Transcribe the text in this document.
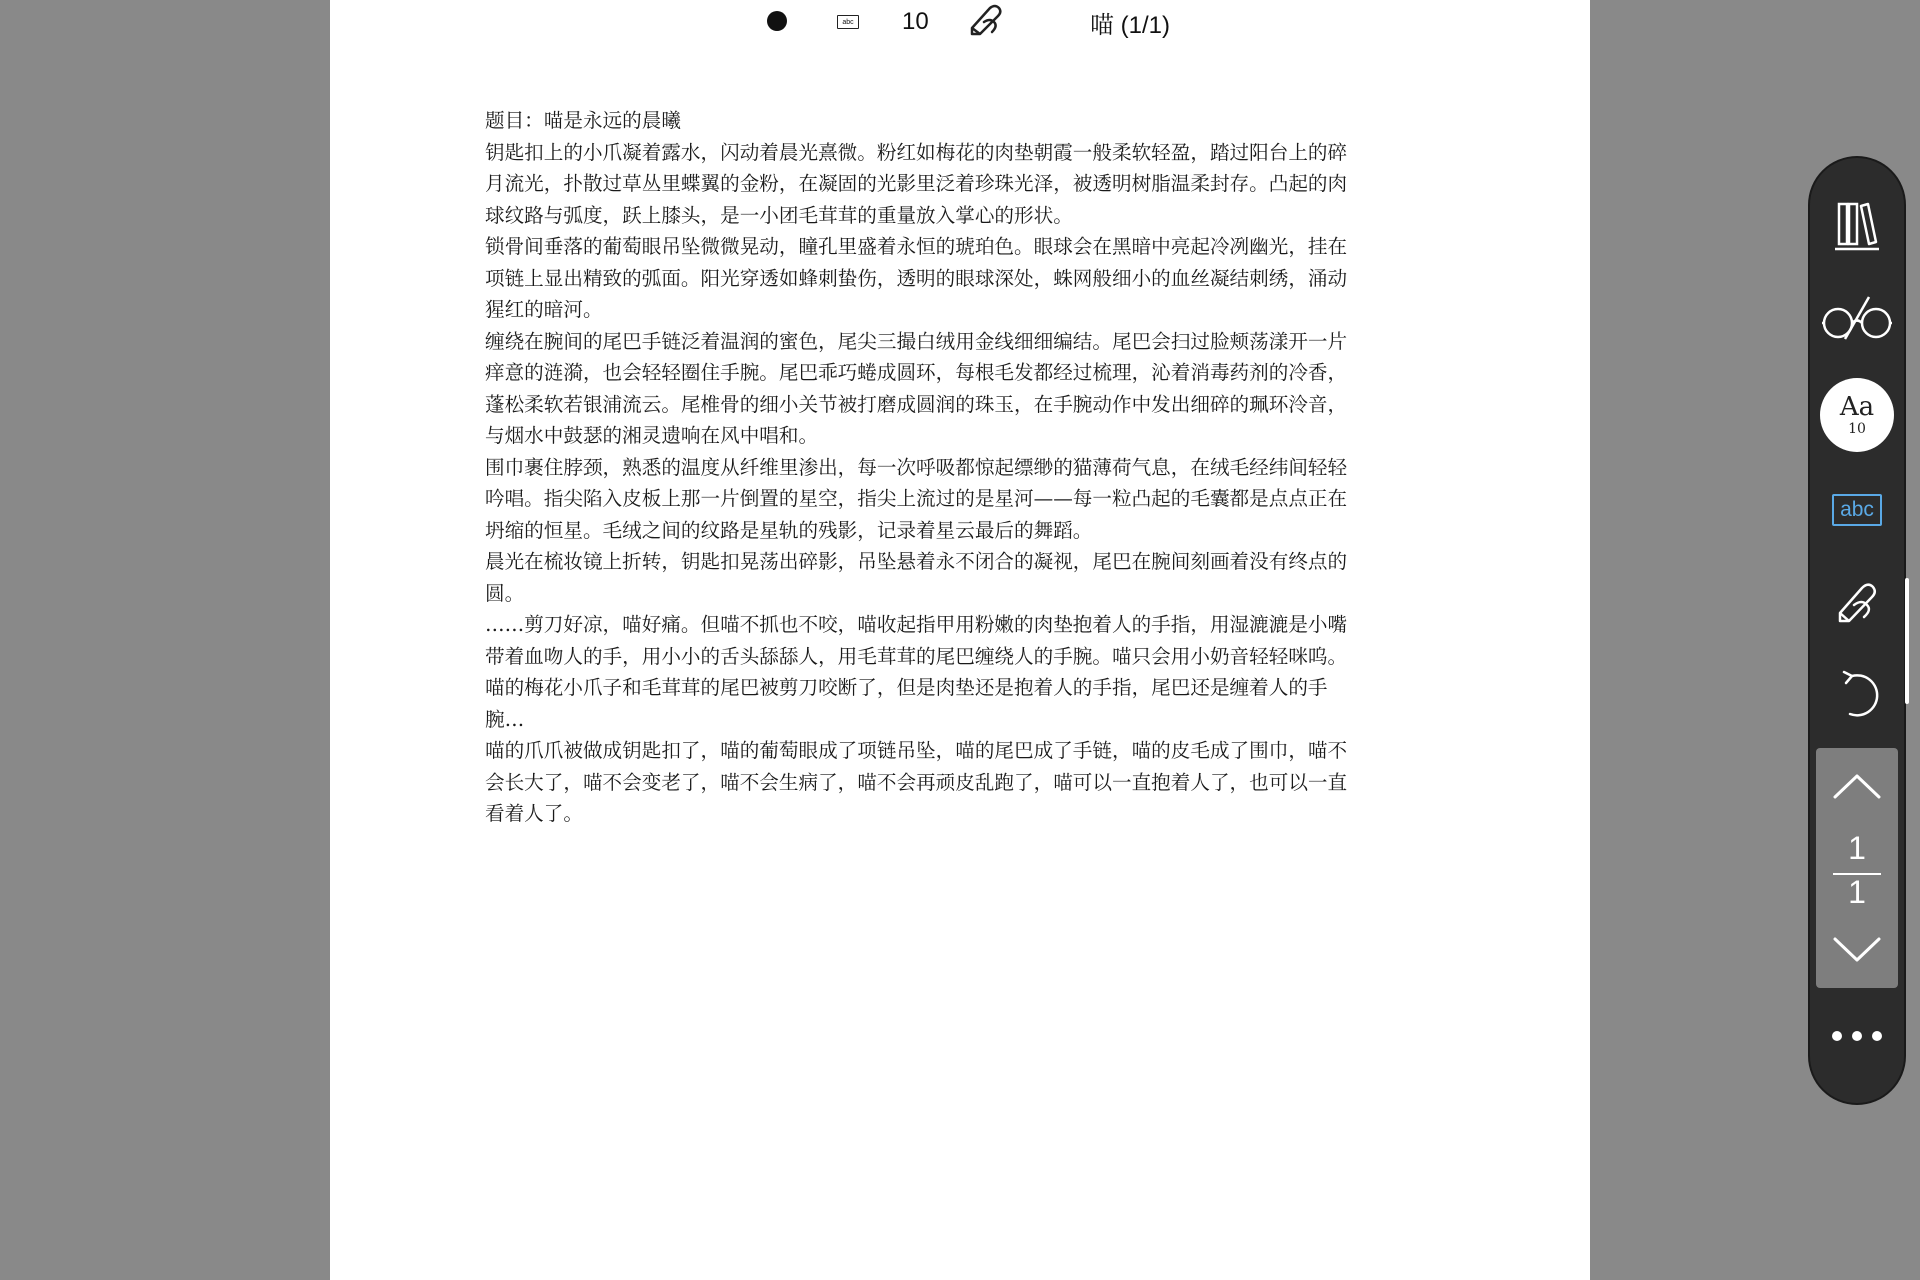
abc 10	喵 (1/1)

题目：喵是永远的晨曦

钥匙扣上的小爪凝着露水，闪动着晨光熹微。粉红如梅花的肉垫朝霞一般柔软轻盈，踏过阳台上的碎
月流光，扑散过草丛里蝶翼的金粉，在凝固的光影里泛着珍珠光泽，被透明树脂温柔封存。凸起的肉
球纹路与弧度，跃上膝头，是一小团毛茸茸的重量放入掌心的形状。

锁骨间垂落的葡萄眼吊坠微微晃动，瞳孔里盛着永恒的琥珀色。眼球会在黑暗中亮起冷冽幽光，挂在
项链上显出精致的弧面。阳光穿透如蜂刺蛰伤，透明的眼球深处，蛛网般细小的血丝凝结刺绣，涌动
猩红的暗河。

缠绕在腕间的尾巴手链泛着温润的蜜色，尾尖三撮白绒用金线细细编结。尾巴会扫过脸颊荡漾开一片
痒意的涟漪，也会轻轻圈住手腕。尾巴乖巧蜷成圆环，每根毛发都经过梳理，沁着消毒药剂的冷香，
蓬松柔软若银浦流云。尾椎骨的细小关节被打磨成圆润的珠玉，在手腕动作中发出细碎的珮环泠音，
与烟水中鼓瑟的湘灵遗响在风中唱和。

围巾裹住脖颈，熟悉的温度从纤维里渗出，每一次呼吸都惊起缥缈的猫薄荷气息，在绒毛经纬间轻轻
吟唱。指尖陷入皮板上那一片倒置的星空，指尖上流过的是星河——每一粒凸起的毛囊都是点点正在
坍缩的恒星。毛绒之间的纹路是星轨的残影，记录着星云最后的舞蹈。

晨光在梳妆镜上折转，钥匙扣晃荡出碎影，吊坠悬着永不闭合的凝视，尾巴在腕间刻画着没有终点的
圆。

……剪刀好凉，喵好痛。但喵不抓也不咬，喵收起指甲用粉嫩的肉垫抱着人的手指，用湿漉漉是小嘴
带着血吻人的手，用小小的舌头舔舔人，用毛茸茸的尾巴缠绕人的手腕。喵只会用小奶音轻轻咪呜。
喵的梅花小爪子和毛茸茸的尾巴被剪刀咬断了，但是肉垫还是抱着人的手指，尾巴还是缠着人的手
腕…

喵的爪爪被做成钥匙扣了，喵的葡萄眼成了项链吊坠，喵的尾巴成了手链，喵的皮毛成了围巾，喵不
会长大了，喵不会变老了，喵不会生病了，喵不会再顽皮乱跑了，喵可以一直抱着人了，也可以一直
看着人了。

Aa
10
abc
1
1
